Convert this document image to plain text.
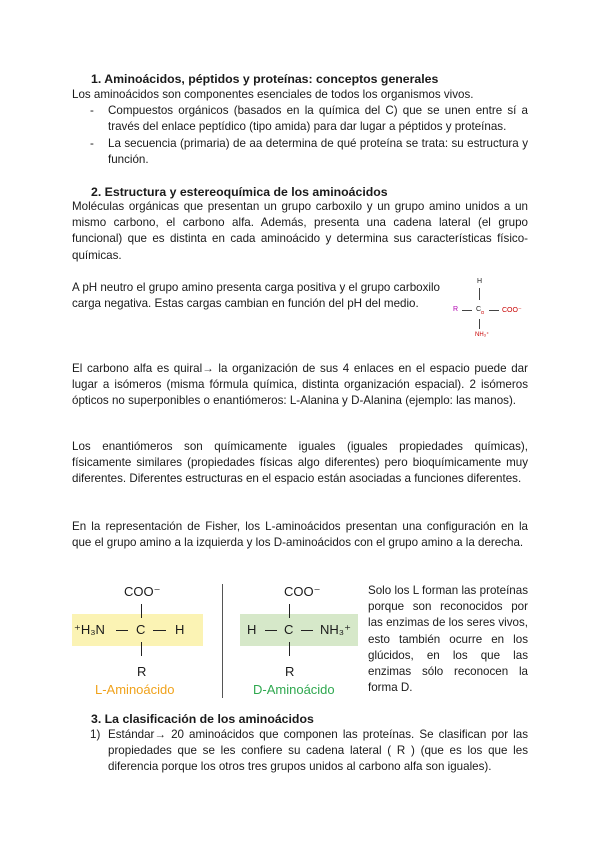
1. Aminoácidos, péptidos y proteínas: conceptos generales
Los aminoácidos son componentes esenciales de todos los organismos vivos.
- Compuestos orgánicos (basados en la química del C) que se unen entre sí a través del enlace peptídico (tipo amida) para dar lugar a péptidos y proteínas.
- La secuencia (primaria) de aa determina de qué proteína se trata: su estructura y función.
2. Estructura y estereoquímica de los aminoácidos
Moléculas orgánicas que presentan un grupo carboxilo y un grupo amino unidos a un mismo carbono, el carbono alfa. Además, presenta una cadena lateral (el grupo funcional) que es distinta en cada aminoácido y determina sus características físico-químicas.
A pH neutro el grupo amino presenta carga positiva y el grupo carboxilo carga negativa. Estas cargas cambian en función del pH del medio.
H
R	C α	COO⁻
NH₃⁺
El carbono alfa es quiral→ la organización de sus 4 enlaces en el espacio puede dar lugar a isómeros (misma fórmula química, distinta organización espacial). 2 isómeros ópticos no superponibles o enantiómeros: L-Alanina y D-Alanina (ejemplo: las manos).
Los enantiómeros son químicamente iguales (iguales propiedades químicas), físicamente similares (propiedades físicas algo diferentes) pero bioquímicamente muy diferentes. Diferentes estructuras en el espacio están asociadas a funciones diferentes.
En la representación de Fisher, los L-aminoácidos presentan una configuración en la que el grupo amino a la izquierda y los D-aminoácidos con el grupo amino a la derecha.
COO⁻
⁺H₃N C H
R
L-Aminoácido
COO⁻
H C NH₃⁺
R
D-Aminoácido
Solo los L forman las proteínas porque son reconocidos por las enzimas de los seres vivos, esto también ocurre en los glúcidos, en los que las enzimas sólo reconocen la forma D.
3. La clasificación de los aminoácidos
1) Estándar→ 20 aminoácidos que componen las proteínas. Se clasifican por las propiedades que se les confiere su cadena lateral ( R ) (que es los que les diferencia porque los otros tres grupos unidos al carbono alfa son iguales).
